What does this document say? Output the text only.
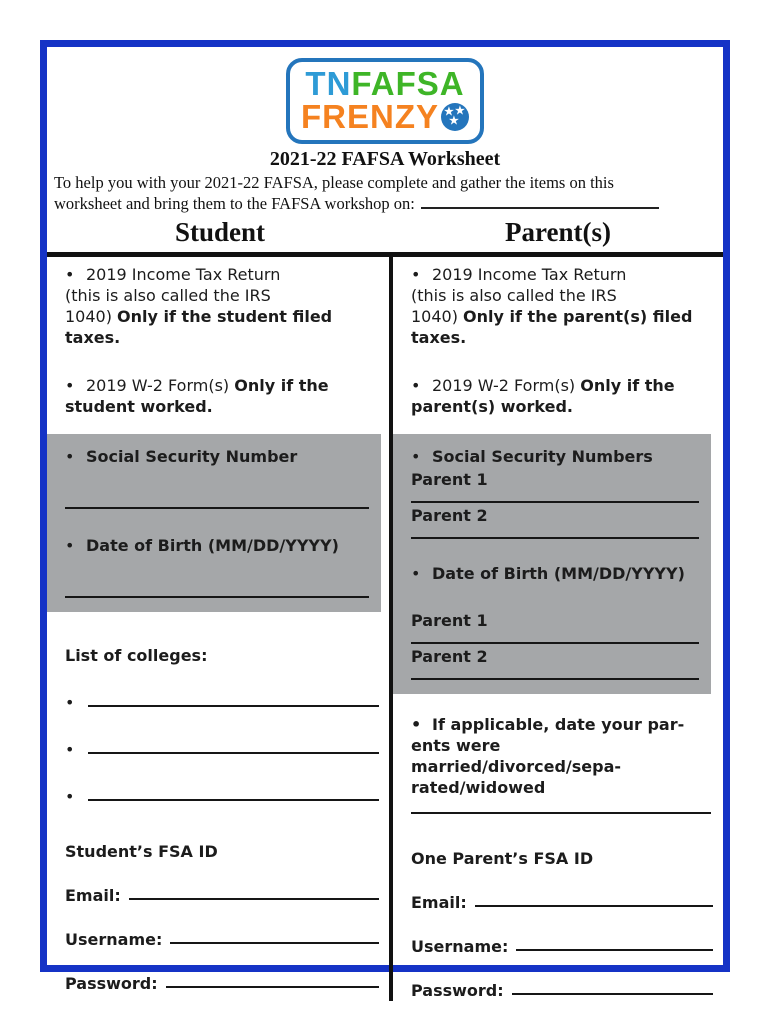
TNFAFSA
FRENZY ★ ★
★
2021-22 FAFSA Worksheet
To help you with your 2021-22 FAFSA, please complete and gather the items on this
worksheet and bring them to the FAFSA workshop on:
Student	Parent(s)
• 2019 Income Tax Return
(this is also called the IRS
1040) Only if the student filed
taxes.
• 2019 W-2 Form(s) Only if the
student worked.
• Social Security Number
• Date of Birth (MM/DD/YYYY)
List of colleges:
•
•
•
Student’s FSA ID
Email:
Username:
Password:
• 2019 Income Tax Return
(this is also called the IRS
1040) Only if the parent(s) filed
taxes.
• 2019 W-2 Form(s) Only if the
parent(s) worked.
• Social Security Numbers
Parent 1
Parent 2
• Date of Birth (MM/DD/YYYY)
Parent 1
Parent 2
• If applicable, date your par-
ents were married/divorced/sepa-
rated/widowed
One Parent’s FSA ID
Email:
Username:
Password:
